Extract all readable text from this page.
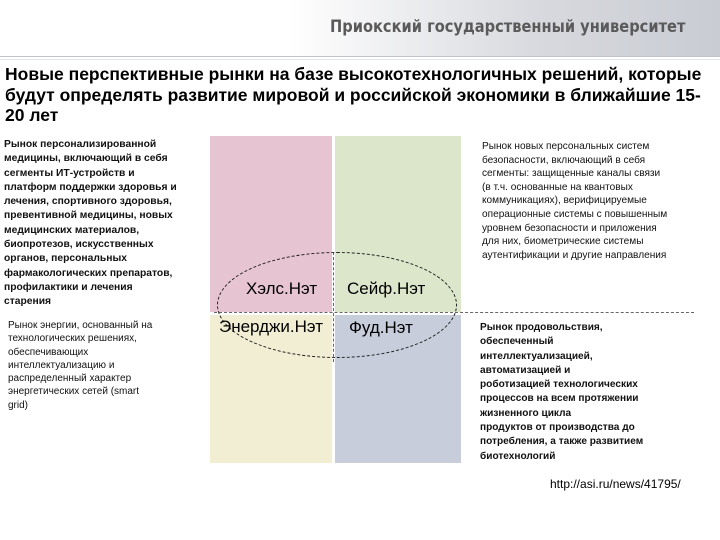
Приокский государственный университет
Новые перспективные рынки на базе высокотехнологичных решений, которые будут определять развитие мировой и российской экономики в ближайшие 15-20 лет
Хэлс.Нэт Сейф.Нэт
Энерджи.Нэт Фуд.Нэт
Рынок персонализированной
медицины, включающий в себя
сегменты ИТ-устройств и
платформ поддержки здоровья и
лечения, спортивного здоровья,
превентивной медицины, новых
медицинских материалов,
биопротезов, искусственных
органов, персональных
фармакологических препаратов,
профилактики и лечения
старения
Рынок энергии, основанный на
технологических решениях,
обеспечивающих
интеллектуализацию и
распределенный характер
энергетических сетей (smart
grid)
Рынок новых персональных систем
безопасности, включающий в себя
сегменты: защищенные каналы связи
(в т.ч. основанные на квантовых
коммуникациях), верифицируемые
операционные системы с повышенным
уровнем безопасности и приложения
для них, биометрические системы
аутентификации и другие направления
Рынок продовольствия,
обеспеченный
интеллектуализацией,
автоматизацией и
роботизацией технологических
процессов на всем протяжении
жизненного цикла
продуктов от производства до
потребления, а также развитием
биотехнологий
http://asi.ru/news/41795/
